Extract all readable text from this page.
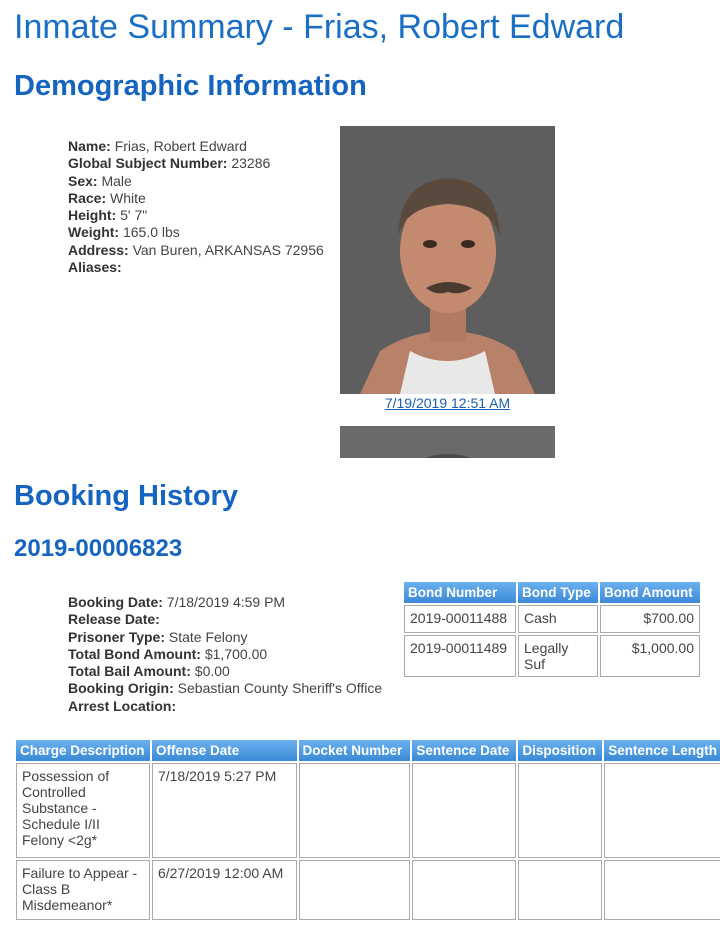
Inmate Summary - Frias, Robert Edward
Demographic Information
Name: Frias, Robert Edward
Global Subject Number: 23286
Sex: Male
Race: White
Height: 5' 7"
Weight: 165.0 lbs
Address: Van Buren, ARKANSAS 72956
Aliases:
7/19/2019 12:51 AM
Booking History
2019-00006823
Booking Date: 7/18/2019 4:59 PM
Release Date:
Prisoner Type: State Felony
Total Bond Amount: $1,700.00
Total Bail Amount: $0.00
Booking Origin: Sebastian County Sheriff's Office
Arrest Location:
Bond Number	Bond Type	Bond Amount
2019-00011488	Cash	$700.00
2019-00011489	Legally Suf	$1,000.00
Charge Description	Offense Date	Docket Number	Sentence Date	Disposition	Sentence Length
Possession of Controlled Substance - Schedule I/II Felony <2g*	7/18/2019 5:27 PM				
Failure to Appear - Class B Misdemeanor*	6/27/2019 12:00 AM				
